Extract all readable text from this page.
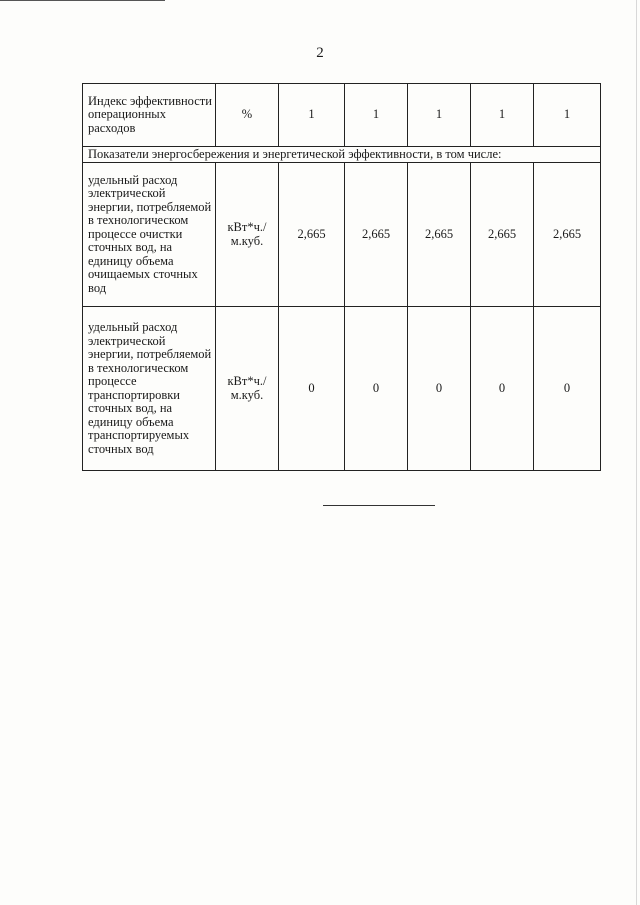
2
Индекс эффективности операционных расходов	%	1	1	1	1	1
Показатели энергосбережения и энергетической эффективности, в том числе:						
удельный расход электрической энергии, потребляемой в технологическом процессе очистки сточных вод, на единицу объема очищаемых сточных вод	кВт*ч./м.куб.	2,665	2,665	2,665	2,665	2,665
удельный расход электрической энергии, потребляемой в технологическом процессе транспортировки сточных вод, на единицу объема транспортируемых сточных вод	кВт*ч./м.куб.	0	0	0	0	0
